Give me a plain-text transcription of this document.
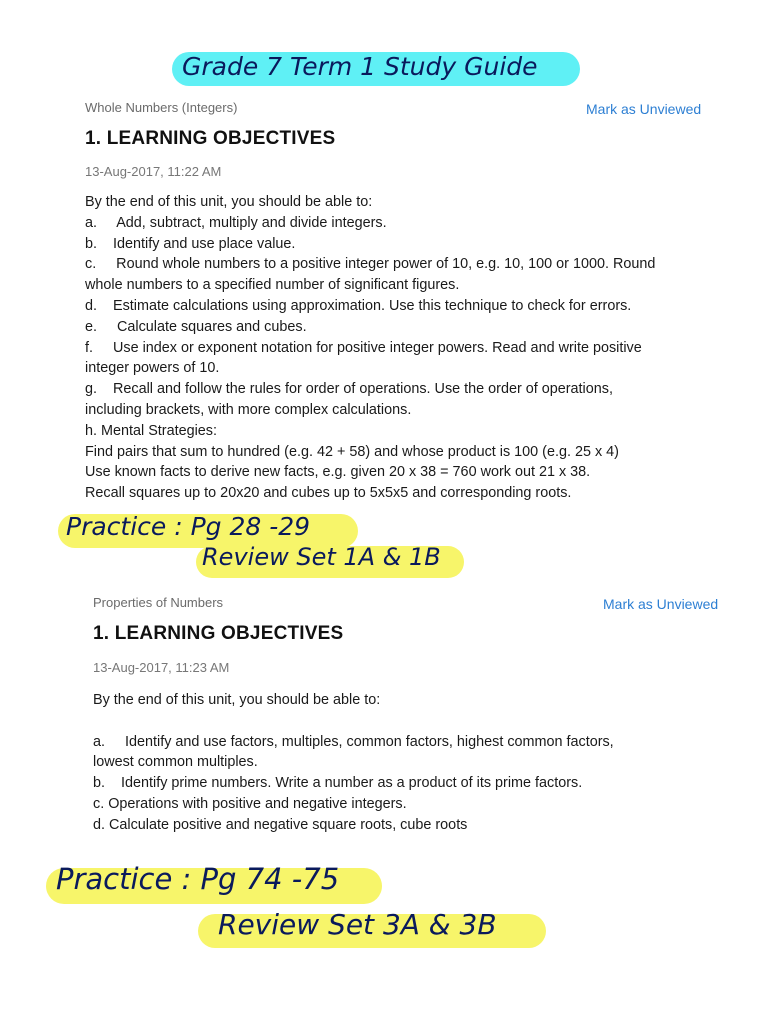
Grade 7 Term 1 Study Guide
Whole Numbers (Integers)	Mark as Unviewed
1. LEARNING OBJECTIVES
13-Aug-2017, 11:22 AM
By the end of this unit, you should be able to:
a.     Add, subtract, multiply and divide integers.
b.    Identify and use place value.
c.     Round whole numbers to a positive integer power of 10, e.g. 10, 100 or 1000. Round
whole numbers to a specified number of significant figures.
d.    Estimate calculations using approximation. Use this technique to check for errors.
e.     Calculate squares and cubes.
f.     Use index or exponent notation for positive integer powers. Read and write positive
integer powers of 10.
g.    Recall and follow the rules for order of operations. Use the order of operations,
including brackets, with more complex calculations.
h. Mental Strategies:
Find pairs that sum to hundred (e.g. 42 + 58) and whose product is 100 (e.g. 25 x 4)
Use known facts to derive new facts, e.g. given 20 x 38 = 760 work out 21 x 38.
Recall squares up to 20x20 and cubes up to 5x5x5 and corresponding roots.
Practice : Pg 28 -29
Review Set 1A & 1B
Properties of Numbers	Mark as Unviewed
1. LEARNING OBJECTIVES
13-Aug-2017, 11:23 AM
By the end of this unit, you should be able to:
a.     Identify and use factors, multiples, common factors, highest common factors,
lowest common multiples.
b.    Identify prime numbers. Write a number as a product of its prime factors.
c. Operations with positive and negative integers.
d. Calculate positive and negative square roots, cube roots
Practice : Pg 74 -75
Review Set 3A & 3B
